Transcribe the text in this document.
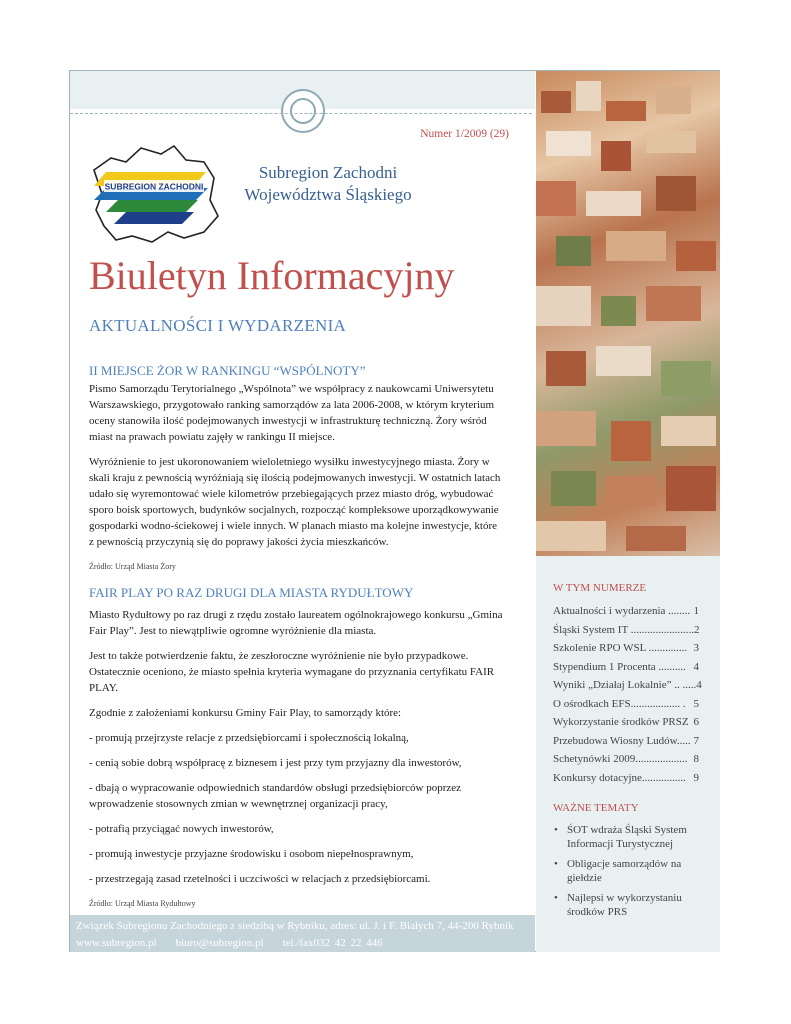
Numer 1/2009 (29)
SUBREGION ZACHODNI
Subregion Zachodni
Województwa Śląskiego
Biuletyn Informacyjny
AKTUALNOŚCI I WYDARZENIA
II MIEJSCE ŻOR W RANKINGU “WSPÓLNOTY”

Pismo Samorządu Terytorialnego „Wspólnota” we współpracy z naukowcami Uniwersytetu Warszawskiego, przygotowało ranking samorządów za lata 2006-2008, w którym kryterium oceny stanowiła ilość podejmowanych inwestycji w infrastrukturę techniczną. Żory wśród miast na prawach powiatu zajęły w rankingu II miejsce.

Wyróżnienie to jest ukoronowaniem wieloletniego wysiłku inwestycyjnego miasta. Żory w skali kraju z pewnością wyróżniają się ilością podejmowanych inwestycji. W ostatnich latach udało się wyremontować wiele kilometrów przebiegających przez miasto dróg, wybudować sporo boisk sportowych, budynków socjalnych, rozpocząć kompleksowe uporządkowywanie gospodarki wodno-ściekowej i wiele innych. W planach miasto ma kolejne inwestycje, które z pewnością przyczynią się do poprawy jakości życia mieszkańców.

Źródło: Urząd Miasta Żory

FAIR PLAY PO RAZ DRUGI DLA MIASTA RYDUŁTOWY

Miasto Rydułtowy po raz drugi z rzędu zostało laureatem ogólnokrajowego konkursu „Gmina Fair Play”. Jest to niewątpliwie ogromne wyróżnienie dla miasta.

Jest to także potwierdzenie faktu, że zeszłoroczne wyróżnienie nie było przypadkowe. Ostatecznie oceniono, że miasto spełnia kryteria wymagane do przyznania certyfikatu FAIR PLAY.

Zgodnie z założeniami konkursu Gminy Fair Play, to samorządy które:

- promują przejrzyste relacje z przedsiębiorcami i społecznością lokalną,

- cenią sobie dobrą współpracę z biznesem i jest przy tym przyjazny dla inwestorów,

- dbają o wypracowanie odpowiednich standardów obsługi przedsiębiorców poprzez wprowadzenie stosownych zmian w wewnętrznej organizacji pracy,

- potrafią przyciągać nowych inwestorów,

- promują inwestycje przyjazne środowisku i osobom niepełnosprawnym,

- przestrzegają zasad rzetelności i uczciwości w relacjach z przedsiębiorcami.

Źródło: Urząd Miasta Rydułtowy

W TYM NUMERZE
Aktualności i wydarzenia ........ 1
Śląski System IT ....................... 2
Szkolenie RPO WSL .............. 3
Stypendium 1 Procenta .......... 4
Wyniki „Działaj Lokalnie” .. ..... 4
O ośrodkach EFS.................. . 5
Wykorzystanie środków PRSZ 6
Przebudowa Wiosny Ludów..... 7
Schetynówki 2009................... 8
Konkursy dotacyjne................ 9
WAŻNE TEMATY
• ŚOT wdraża Śląski System Informacji Turystycznej
• Obligacje samorządów na giełdzie
• Najlepsi w wykorzystaniu środków PRS
Związek Subregionu Zachodniego z siedzibą w Rybniku, adres: ul. J. i F. Białych 7, 44-200 Rybnik
www.subregion.pl biuro@subregion.pl tel./fax032 42 22 446
